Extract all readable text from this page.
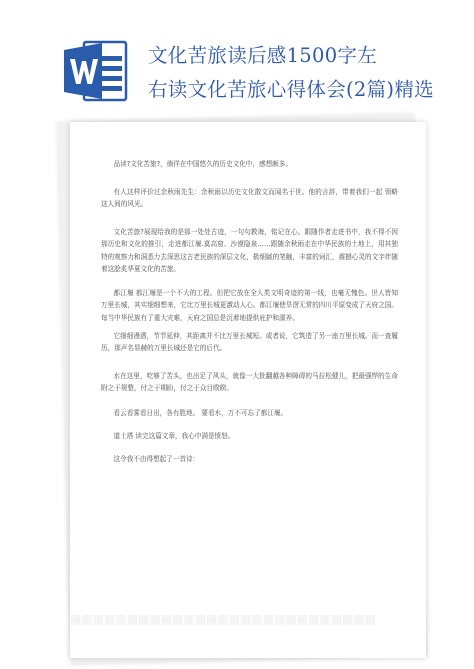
文化苦旅读后感1500字左
右读文化苦旅心得体会(2篇)精选

品读?文化苦旅?，徜徉在中国悠久的历史文化中，感想颇多。

有人这样评价过余秋雨先生：余秋雨以历史文化散文而闻名于世。他的言辞，带着我们一起 领略这人间的风光。

文化苦旅?展现给我的是那一处处古迹，一句句教诲，铭记在心。跟随作者走进书中，我不得不因那历史和文化的推引，走进都江堰.莫高窟、沙漠隐泉……跟随余秋雨走在中华民族的土地上，用其独特的观察力和洞悉力去深思这古老民族的深层文化，极细腻的笔触，丰富的词汇，震撼心灵的文字伴随着这脍炙华夏文化的苦旅。

都江堰 都江堰是一个不大的工程。但把它放在全人类文明奇迹的第一线，也毫无愧色。世人皆知万里长城，其实细细想来，它比万里长城更激动人心。都江堰使旱涝无常的四川平原变成了天府之国。 每当中华民族有了重大灾难，天府之国总是沉着地提供庇护和濡养。

它细细漫洒，节节延伸，其距离并不比万里长城短。或者说，它筑造了另一座万里长城。而一查履历，那声名显赫的万里长城还是它的后代。

水在这里，吃够了苦头，也出足了风头，就像一大批翻越各种障碍的马拉松健儿，把最强悍的生命附之于规整，付之于期盼，付之于众目睽睽。

看云看雾看日出，各有胜地。 要看水，万不可忘了都江堰。

道士塔 读完这篇文章，我心中满是愤怒。

这令我不由得想起了一首诗：

▦▦▦▦▦▦▦▦▦▦▦▦▦▦▦▦▦▦▦▦▦▦▦▦▦▦▦
